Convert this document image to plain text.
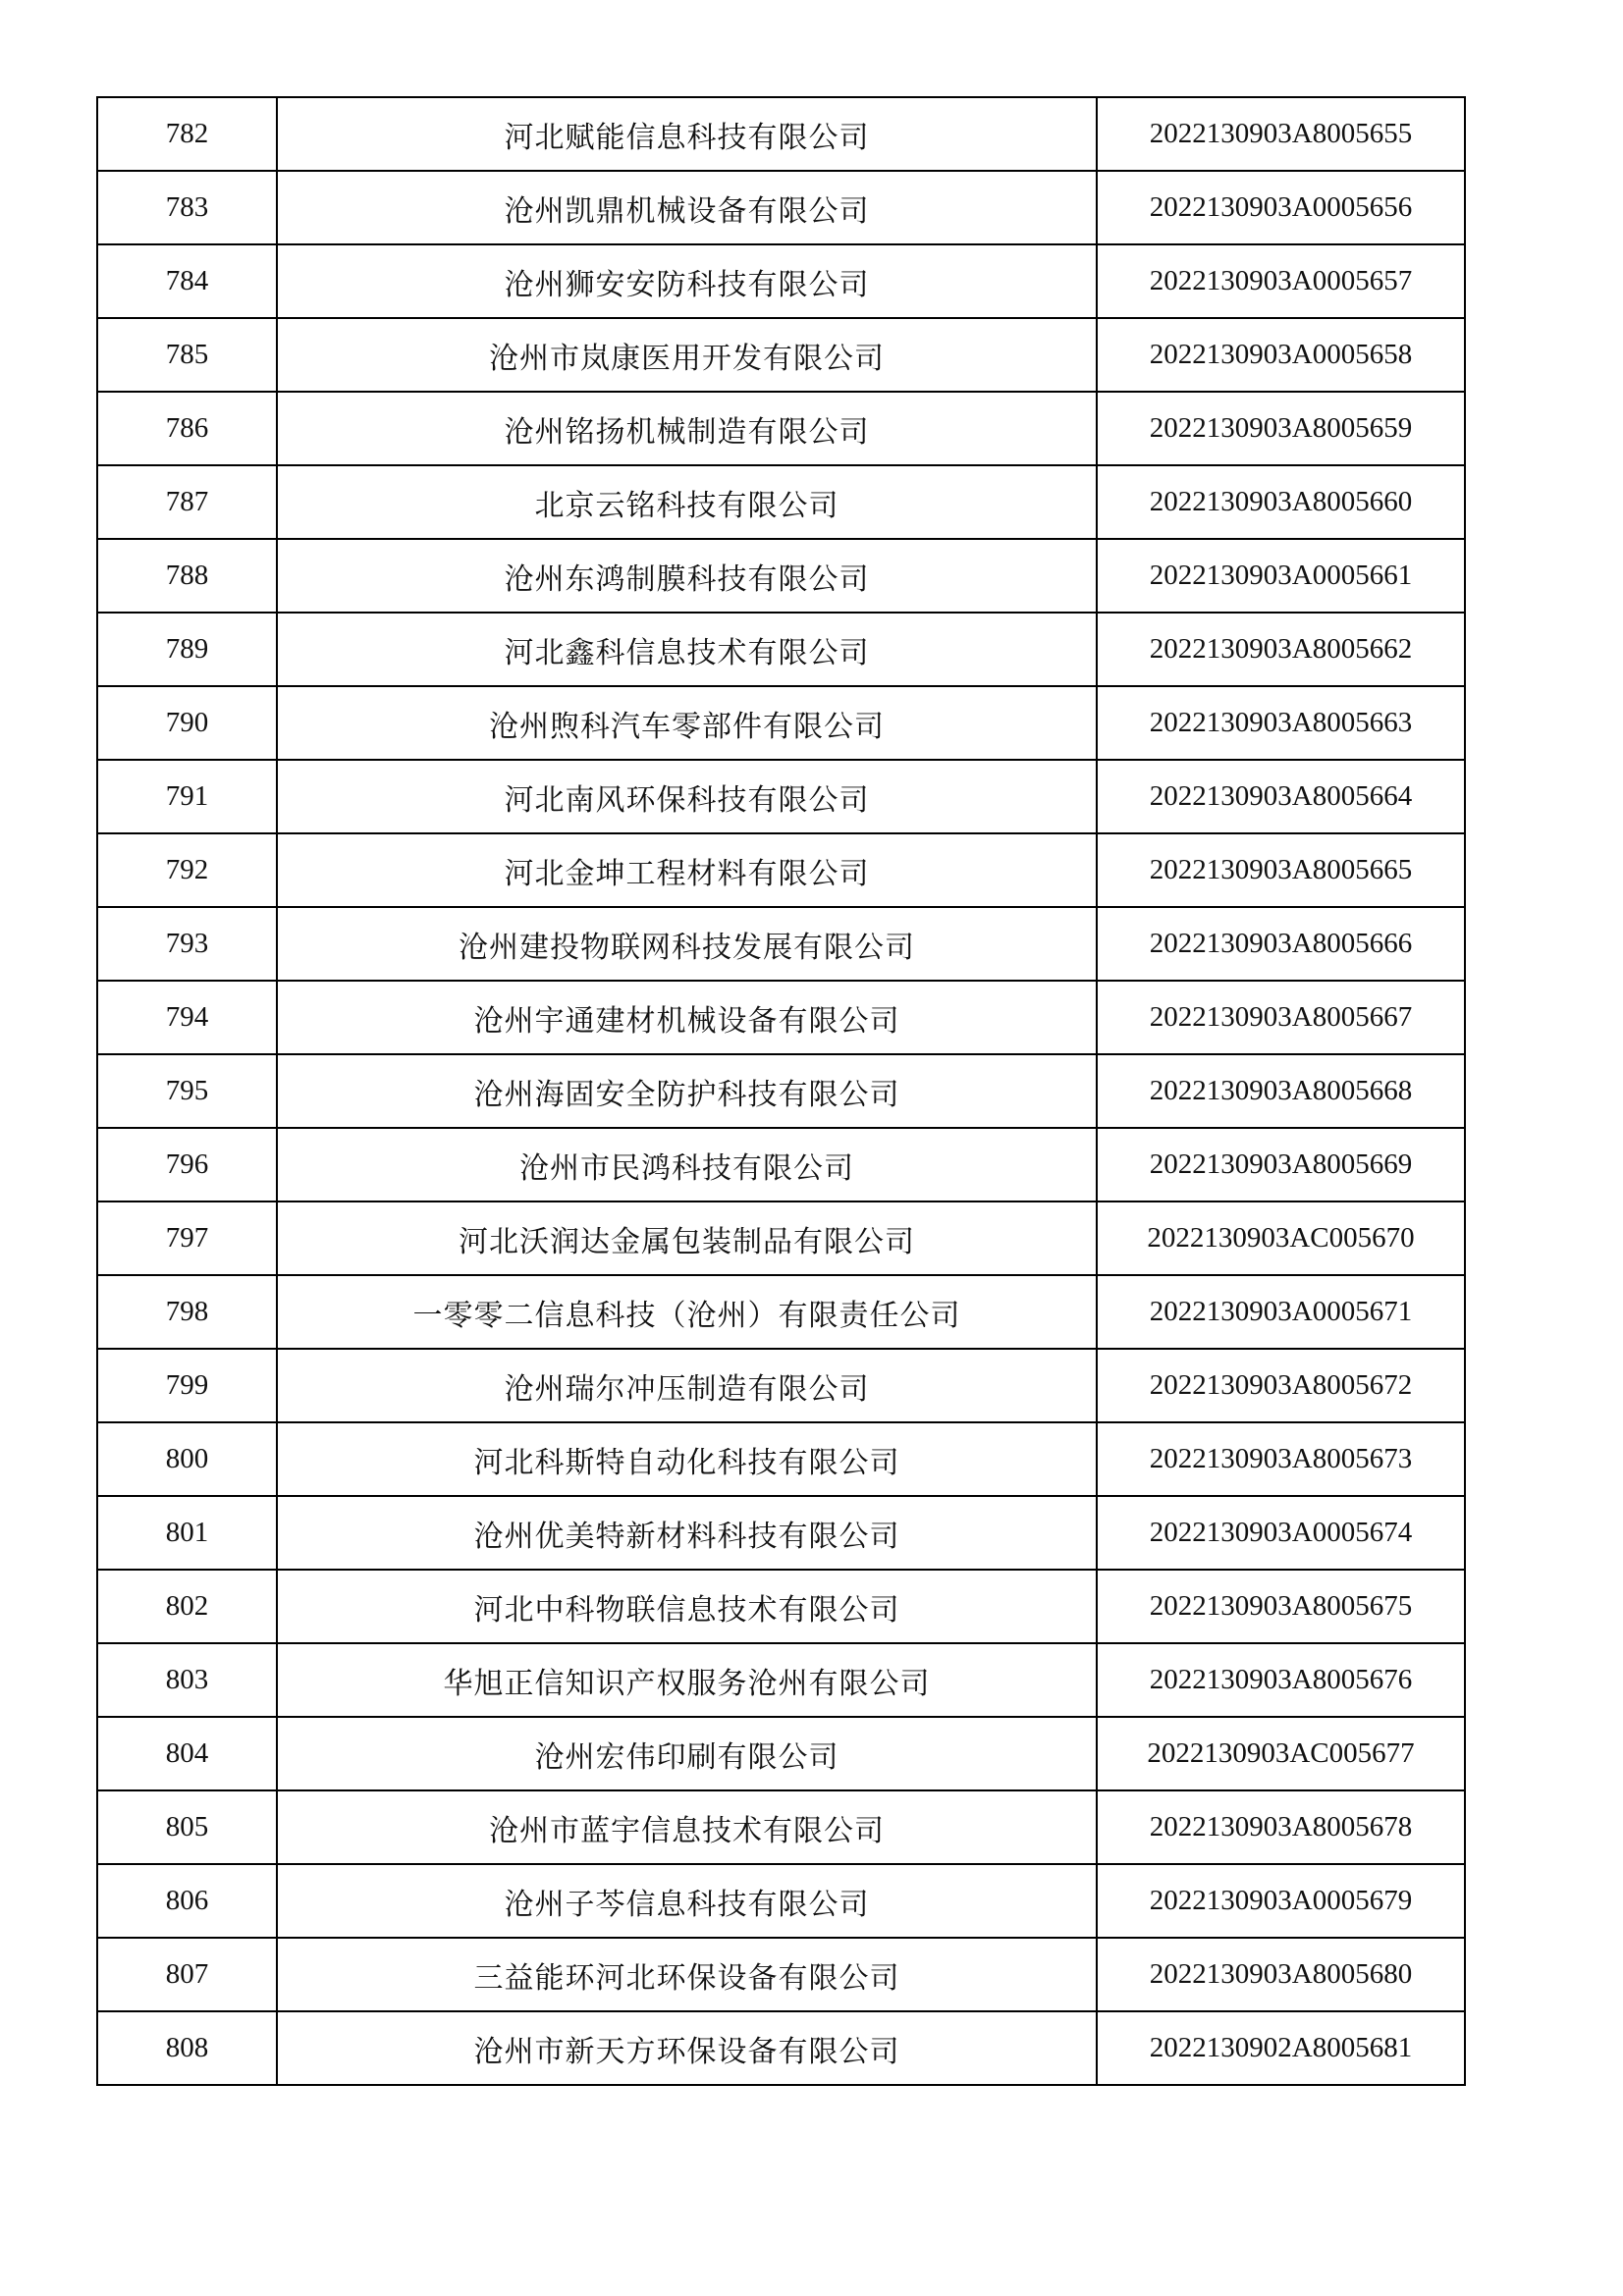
782	河北赋能信息科技有限公司	2022130903A8005655
783	沧州凯鼎机械设备有限公司	2022130903A0005656
784	沧州狮安安防科技有限公司	2022130903A0005657
785	沧州市岚康医用开发有限公司	2022130903A0005658
786	沧州铭扬机械制造有限公司	2022130903A8005659
787	北京云铭科技有限公司	2022130903A8005660
788	沧州东鸿制膜科技有限公司	2022130903A0005661
789	河北鑫科信息技术有限公司	2022130903A8005662
790	沧州煦科汽车零部件有限公司	2022130903A8005663
791	河北南风环保科技有限公司	2022130903A8005664
792	河北金坤工程材料有限公司	2022130903A8005665
793	沧州建投物联网科技发展有限公司	2022130903A8005666
794	沧州宇通建材机械设备有限公司	2022130903A8005667
795	沧州海固安全防护科技有限公司	2022130903A8005668
796	沧州市民鸿科技有限公司	2022130903A8005669
797	河北沃润达金属包装制品有限公司	2022130903AC005670
798	一零零二信息科技（沧州）有限责任公司	2022130903A0005671
799	沧州瑞尔冲压制造有限公司	2022130903A8005672
800	河北科斯特自动化科技有限公司	2022130903A8005673
801	沧州优美特新材料科技有限公司	2022130903A0005674
802	河北中科物联信息技术有限公司	2022130903A8005675
803	华旭正信知识产权服务沧州有限公司	2022130903A8005676
804	沧州宏伟印刷有限公司	2022130903AC005677
805	沧州市蓝宇信息技术有限公司	2022130903A8005678
806	沧州子芩信息科技有限公司	2022130903A0005679
807	三益能环河北环保设备有限公司	2022130903A8005680
808	沧州市新天方环保设备有限公司	2022130902A8005681
